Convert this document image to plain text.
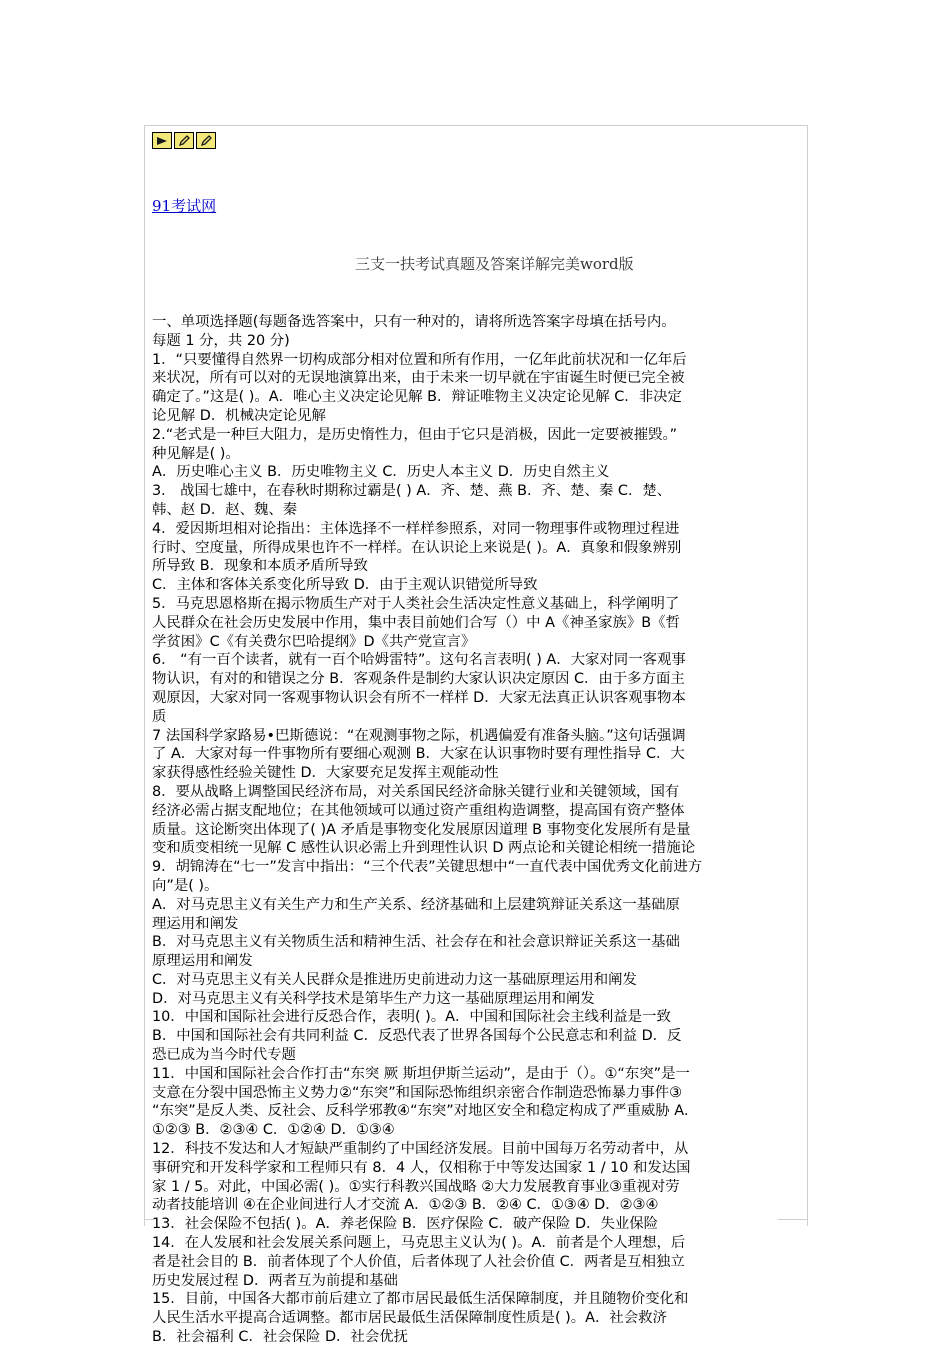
91考试网
三支一扶考试真题及答案详解完美word版

一、单项选择题(每题备选答案中，只有一种对的，请将所选答案字母填在括号内。

每题 1 分，共 20 分)

1．“只要懂得自然界一切构成部分相对位置和所有作用，一亿年此前状况和一亿年后

来状况，所有可以对的无误地演算出来，由于未来一切早就在宇宙诞生时便已完全被

确定了。”这是( )。A．唯心主义决定论见解 B．辩证唯物主义决定论见解 C．非决定

论见解 D．机械决定论见解

2.“老式是一种巨大阻力，是历史惰性力，但由于它只是消极，因此一定要被摧毁。”

种见解是( )。

A．历史唯心主义 B．历史唯物主义 C．历史人本主义 D．历史自然主义

3． 战国七雄中，在春秋时期称过霸是( ) A．齐、楚、燕 B．齐、楚、秦 C．楚、

韩、赵 D．赵、魏、秦

4．爱因斯坦相对论指出：主体选择不一样样参照系，对同一物理事件或物理过程进

行时、空度量，所得成果也许不一样样。在认识论上来说是( )。A．真象和假象辨别

所导致 B．现象和本质矛盾所导致

C．主体和客体关系变化所导致 D．由于主观认识错觉所导致

5．马克思恩格斯在揭示物质生产对于人类社会生活决定性意义基础上，科学阐明了

人民群众在社会历史发展中作用，集中表目前她们合写（）中 A《神圣家族》B《哲

学贫困》C《有关费尔巴哈提纲》D《共产党宣言》

6． “有一百个读者，就有一百个哈姆雷特”。这句名言表明( ) A．大家对同一客观事

物认识，有对的和错误之分 B．客观条件是制约大家认识决定原因 C．由于多方面主

观原因，大家对同一客观事物认识会有所不一样样 D．大家无法真正认识客观事物本

质

7 法国科学家路易•巴斯德说：“在观测事物之际，机遇偏爱有准备头脑。”这句话强调

了 A．大家对每一件事物所有要细心观测 B．大家在认识事物时要有理性指导 C．大

家获得感性经验关键性 D．大家要充足发挥主观能动性

8．要从战略上调整国民经济布局，对关系国民经济命脉关键行业和关键领域，国有

经济必需占据支配地位；在其他领域可以通过资产重组构造调整，提高国有资产整体

质量。这论断突出体现了( )A 矛盾是事物变化发展原因道理 B 事物变化发展所有是量

变和质变相统一见解 C 感性认识必需上升到理性认识 D 两点论和关键论相统一措施论

9．胡锦涛在“七一”发言中指出：“三个代表”关键思想中“一直代表中国优秀文化前进方

向”是( )。

A．对马克思主义有关生产力和生产关系、经济基础和上层建筑辩证关系这一基础原

理运用和阐发

B．对马克思主义有关物质生活和精神生活、社会存在和社会意识辩证关系这一基础

原理运用和阐发

C．对马克思主义有关人民群众是推进历史前进动力这一基础原理运用和阐发

D．对马克思主义有关科学技术是第毕生产力这一基础原理运用和阐发

10．中国和国际社会进行反恐合作，表明( )。A．中国和国际社会主线利益是一致

B．中国和国际社会有共同利益 C．反恐代表了世界各国每个公民意志和利益 D．反

恐已成为当今时代专题

11．中国和国际社会合作打击“东突 厥 斯坦伊斯兰运动”，是由于（）。①“东突”是一

支意在分裂中国恐怖主义势力②“东突”和国际恐怖组织亲密合作制造恐怖暴力事件③

“东突”是反人类、反社会、反科学邪教④“东突”对地区安全和稳定构成了严重威胁 A．

①②③ B．②③④ C．①②④ D．①③④

12．科技不发达和人才短缺严重制约了中国经济发展。目前中国每万名劳动者中，从

事研究和开发科学家和工程师只有 8．4 人，仅相称于中等发达国家 1 / 10 和发达国

家 1 / 5。对此，中国必需( )。①实行科教兴国战略 ②大力发展教育事业③重视对劳

动者技能培训 ④在企业间进行人才交流 A．①②③ B．②④ C．①③④ D．②③④

13．社会保险不包括( )。A．养老保险 B．医疗保险 C．破产保险 D．失业保险

14．在人发展和社会发展关系问题上，马克思主义认为( )。A．前者是个人理想，后

者是社会目的 B．前者体现了个人价值，后者体现了人社会价值 C．两者是互相独立

历史发展过程 D．两者互为前提和基础

15．目前，中国各大都市前后建立了都市居民最低生活保障制度，并且随物价变化和

人民生活水平提高合适调整。都市居民最低生活保障制度性质是( )。A．社会救济

B．社会福利 C．社会保险 D．社会优抚
